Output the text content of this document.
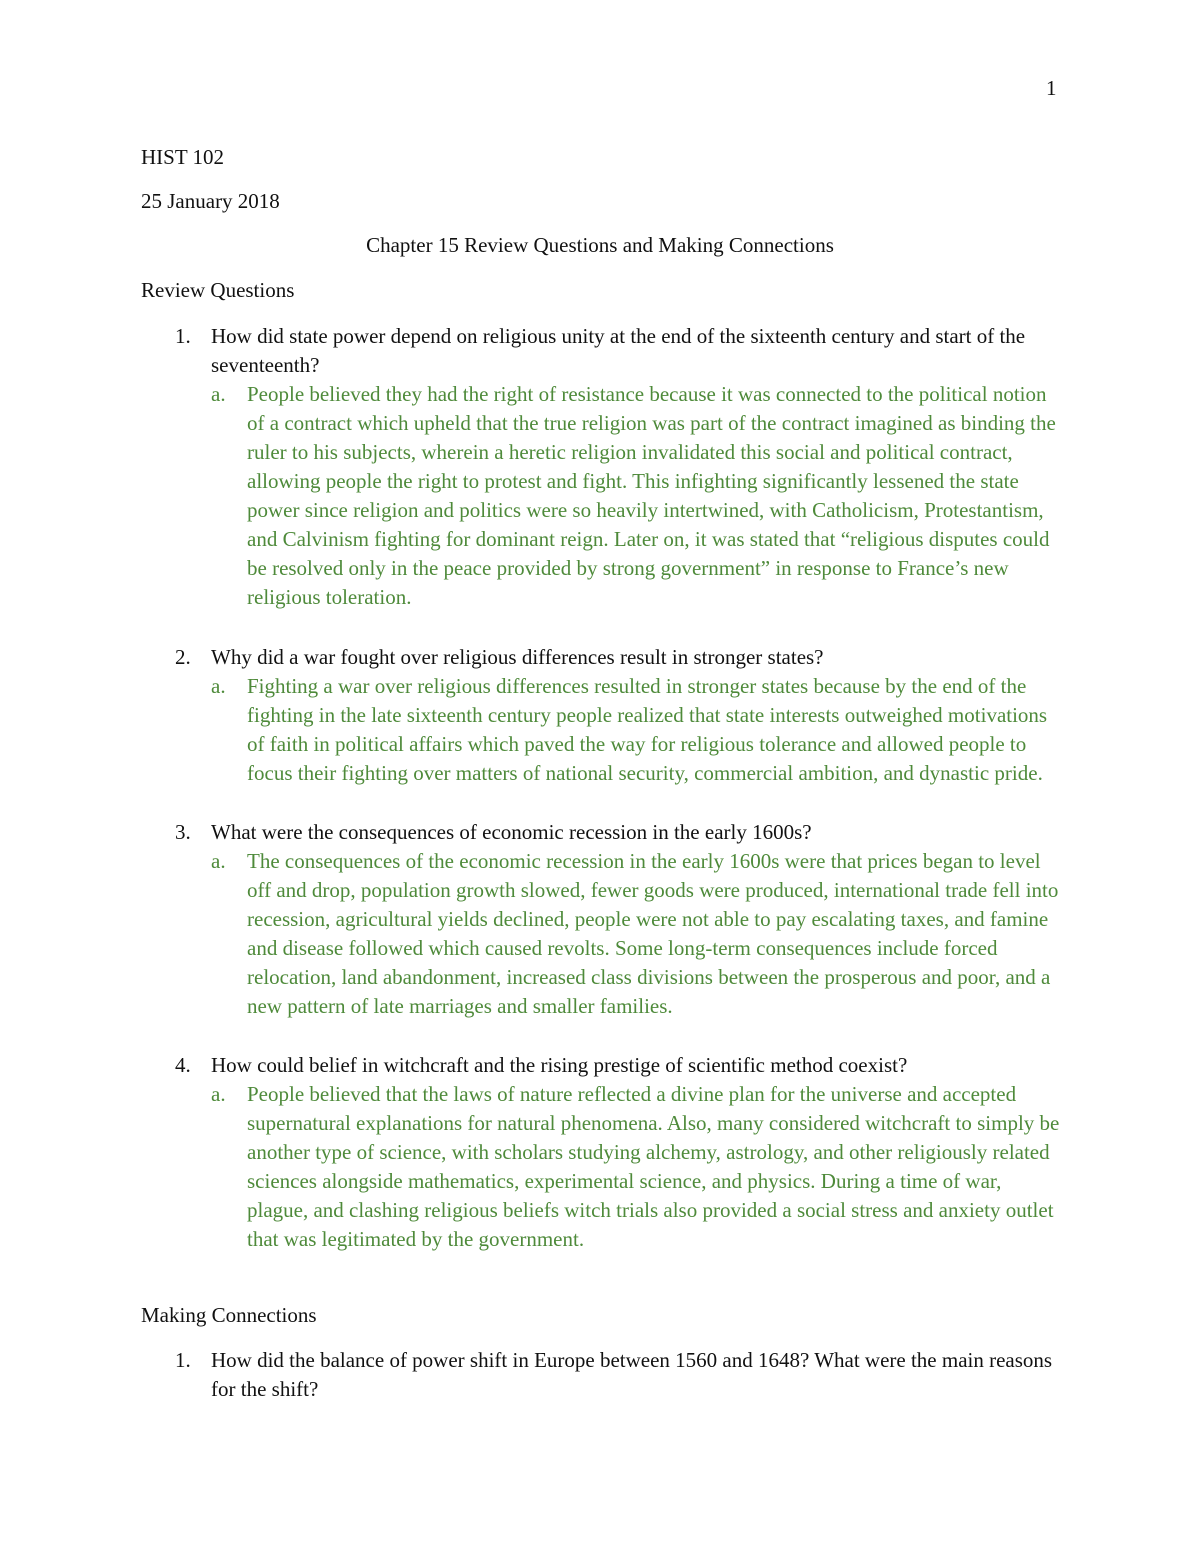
1
HIST 102
25 January 2018
Chapter 15 Review Questions and Making Connections
Review Questions
1. How did state power depend on religious unity at the end of the sixteenth century and start of the seventeenth?
a. People believed they had the right of resistance because it was connected to the political notion of a contract which upheld that the true religion was part of the contract imagined as binding the ruler to his subjects, wherein a heretic religion invalidated this social and political contract, allowing people the right to protest and fight. This infighting significantly lessened the state power since religion and politics were so heavily intertwined, with Catholicism, Protestantism, and Calvinism fighting for dominant reign. Later on, it was stated that “religious disputes could be resolved only in the peace provided by strong government” in response to France’s new religious toleration.
2. Why did a war fought over religious differences result in stronger states?
a. Fighting a war over religious differences resulted in stronger states because by the end of the fighting in the late sixteenth century people realized that state interests outweighed motivations of faith in political affairs which paved the way for religious tolerance and allowed people to focus their fighting over matters of national security, commercial ambition, and dynastic pride.
3. What were the consequences of economic recession in the early 1600s?
a. The consequences of the economic recession in the early 1600s were that prices began to level off and drop, population growth slowed, fewer goods were produced, international trade fell into recession, agricultural yields declined, people were not able to pay escalating taxes, and famine and disease followed which caused revolts. Some long-term consequences include forced relocation, land abandonment, increased class divisions between the prosperous and poor, and a new pattern of late marriages and smaller families.
4. How could belief in witchcraft and the rising prestige of scientific method coexist?
a. People believed that the laws of nature reflected a divine plan for the universe and accepted supernatural explanations for natural phenomena. Also, many considered witchcraft to simply be another type of science, with scholars studying alchemy, astrology, and other religiously related sciences alongside mathematics, experimental science, and physics. During a time of war, plague, and clashing religious beliefs witch trials also provided a social stress and anxiety outlet that was legitimated by the government.
Making Connections
1. How did the balance of power shift in Europe between 1560 and 1648? What were the main reasons for the shift?
